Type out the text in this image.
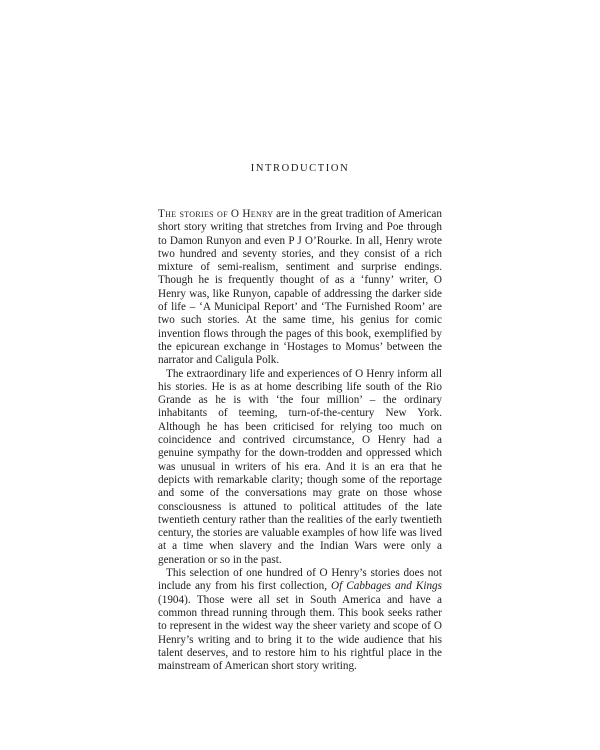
INTRODUCTION

The stories of O Henry are in the great tradition of American short story writing that stretches from Irving and Poe through to Damon Runyon and even P J O’Rourke. In all, Henry wrote two hundred and seventy stories, and they consist of a rich mixture of semi-realism, sentiment and surprise endings. Though he is frequently thought of as a ‘funny’ writer, O Henry was, like Runyon, capable of addressing the darker side of life – ‘A Municipal Report’ and ‘The Furnished Room’ are two such stories. At the same time, his genius for comic invention flows through the pages of this book, exemplified by the epicurean exchange in ‘Hostages to Momus’ between the narrator and Caligula Polk.

The extraordinary life and experiences of O Henry inform all his stories. He is as at home describing life south of the Rio Grande as he is with ‘the four million’ – the ordinary inhabitants of teeming, turn-of-the-century New York. Although he has been criticised for relying too much on coincidence and contrived circumstance, O Henry had a genuine sympathy for the down-trodden and oppressed which was unusual in writers of his era. And it is an era that he depicts with remarkable clarity; though some of the reportage and some of the conversations may grate on those whose consciousness is attuned to political attitudes of the late twentieth century rather than the realities of the early twentieth century, the stories are valuable examples of how life was lived at a time when slavery and the Indian Wars were only a generation or so in the past.

This selection of one hundred of O Henry’s stories does not include any from his first collection, Of Cabbages and Kings (1904). Those were all set in South America and have a common thread running through them. This book seeks rather to represent in the widest way the sheer variety and scope of O Henry’s writing and to bring it to the wide audience that his talent deserves, and to restore him to his rightful place in the mainstream of American short story writing.
